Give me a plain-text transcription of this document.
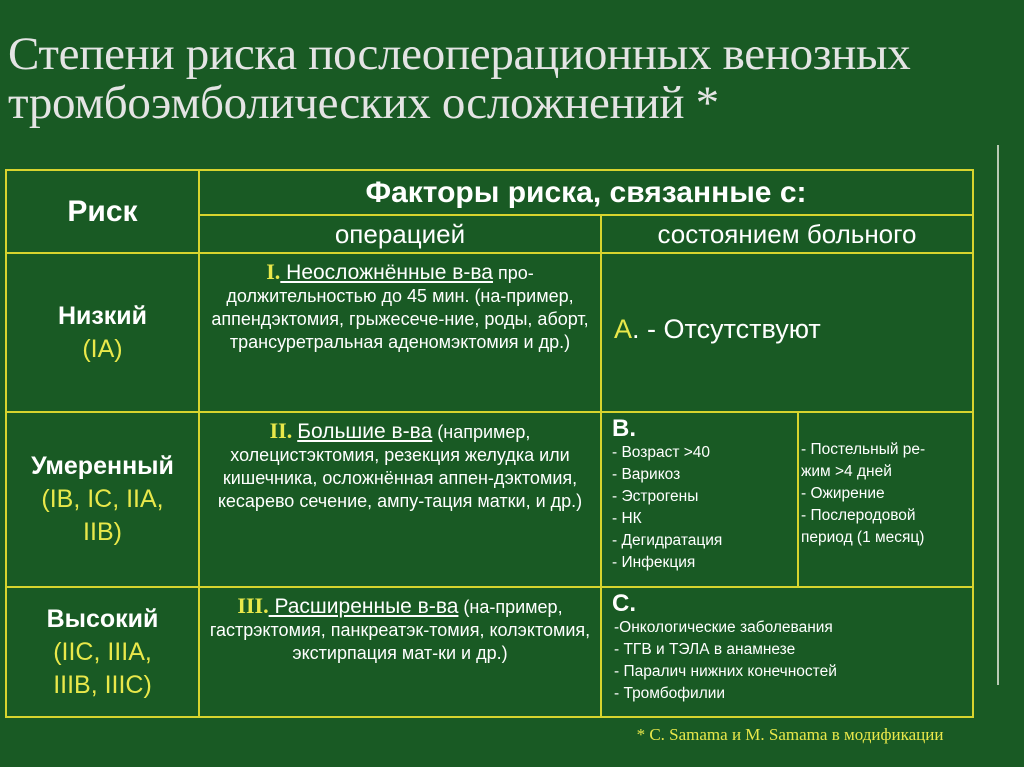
Степени риска послеоперационных венозных
тромбоэмболических осложнений *
Риск
Факторы риска, связанные с:
операцией	состоянием больного
Низкий
(IA)
I. Неосложнённые в-ва про-должительностью до 45 мин. (на-пример, аппендэктомия, грыжесече-ние, роды, аборт, трансуретральная аденомэктомия и др.)	А . - Отсутствуют
Умеренный
(IB, IC, IIA, IIB)
II. Большие в-ва (например, холецистэктомия, резекция желудка или кишечника, осложнённая аппен-дэктомия, кесарево сечение, ампу-тация матки, и др.)
В.
- Возраст >40
- Варикоз
- Эстрогены
- НК
- Дегидратация
- Инфекция
- Постельный ре-
жим >4 дней
- Ожирение
- Послеродовой
период (1 месяц)
Высокий
(IIC, IIIA, IIIB, IIIC)
III. Расширенные в-ва (на-пример, гастрэктомия, панкреатэк-томия, колэктомия, экстирпация мат-ки и др.)
С.
-Онкологические заболевания
- ТГВ и ТЭЛА в анамнезе
- Паралич нижних конечностей
- Тромбофилии
* C. Samama и M. Samama в модификации
